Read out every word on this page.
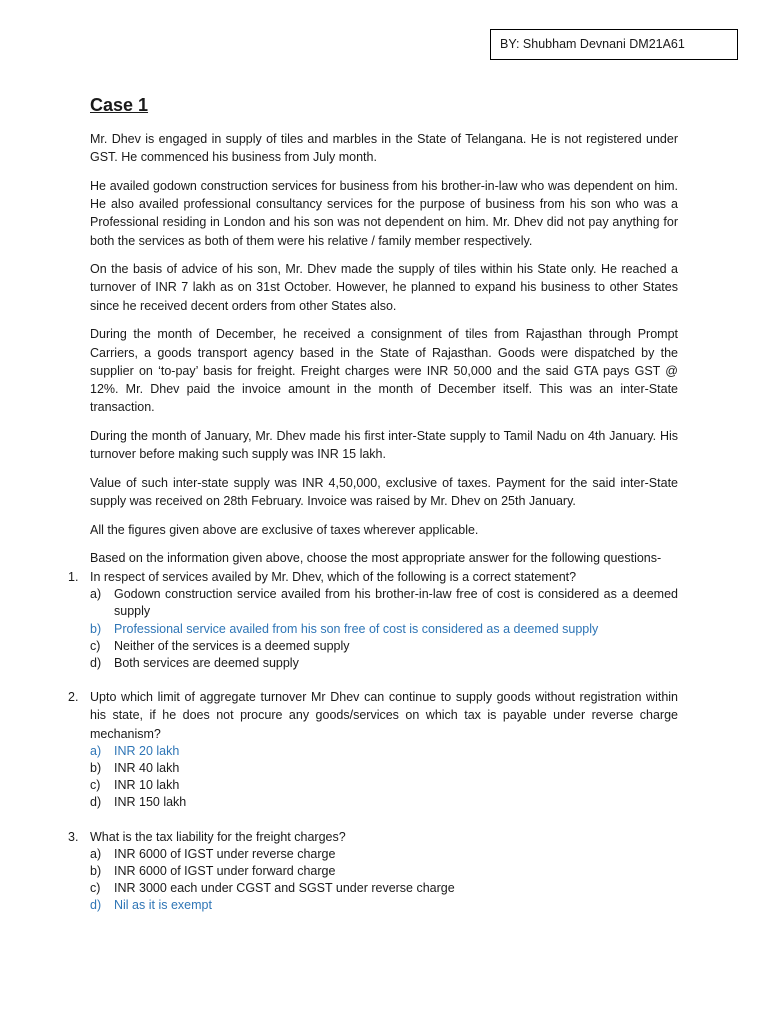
BY: Shubham Devnani DM21A61
Case 1

Mr. Dhev is engaged in supply of tiles and marbles in the State of Telangana. He is not registered under GST. He commenced his business from July month.

He availed godown construction services for business from his brother-in-law who was dependent on him. He also availed professional consultancy services for the purpose of business from his son who was a Professional residing in London and his son was not dependent on him. Mr. Dhev did not pay anything for both the services as both of them were his relative / family member respectively.

On the basis of advice of his son, Mr. Dhev made the supply of tiles within his State only. He reached a turnover of INR 7 lakh as on 31st October. However, he planned to expand his business to other States since he received decent orders from other States also.

During the month of December, he received a consignment of tiles from Rajasthan through Prompt Carriers, a goods transport agency based in the State of Rajasthan. Goods were dispatched by the supplier on ‘to-pay’ basis for freight. Freight charges were INR 50,000 and the said GTA pays GST @ 12%. Mr. Dhev paid the invoice amount in the month of December itself. This was an inter-State transaction.

During the month of January, Mr. Dhev made his first inter-State supply to Tamil Nadu on 4th January. His turnover before making such supply was INR 15 lakh.

Value of such inter-state supply was INR 4,50,000, exclusive of taxes. Payment for the said inter-State supply was received on 28th February. Invoice was raised by Mr. Dhev on 25th January.

All the figures given above are exclusive of taxes wherever applicable.

Based on the information given above, choose the most appropriate answer for the following questions-

1. In respect of services availed by Mr. Dhev, which of the following is a correct statement?
a)	Godown construction service availed from his brother-in-law free of cost is considered as a deemed supply
b)	Professional service availed from his son free of cost is considered as a deemed supply
c)	Neither of the services is a deemed supply
d)	Both services are deemed supply
2. Upto which limit of aggregate turnover Mr Dhev can continue to supply goods without registration within his state, if he does not procure any goods/services on which tax is payable under reverse charge mechanism?
a)	INR 20 lakh
b)	INR 40 lakh
c)	INR 10 lakh
d)	INR 150 lakh
3. What is the tax liability for the freight charges?
a)	INR 6000 of IGST under reverse charge
b)	INR 6000 of IGST under forward charge
c)	INR 3000 each under CGST and SGST under reverse charge
d)	Nil as it is exempt
